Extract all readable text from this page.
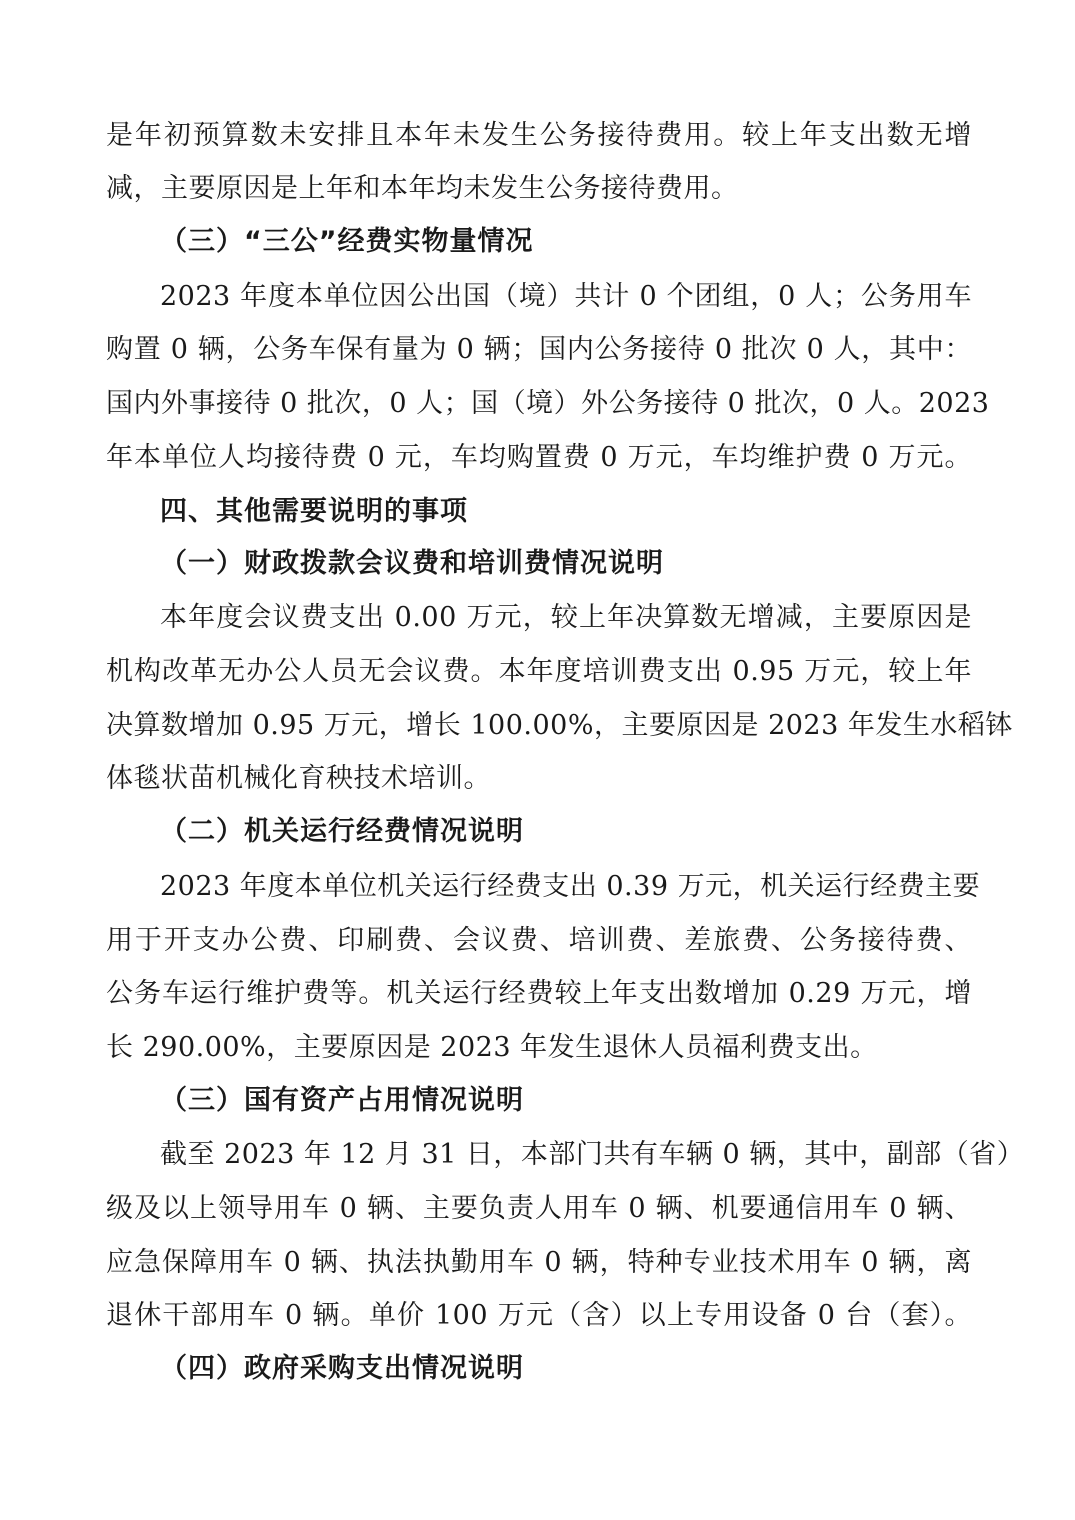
是年初预算数未安排且本年未发生公务接待费用。较上年支出数无增
减，主要原因是上年和本年均未发生公务接待费用。
（三）“三公”经费实物量情况
2023 年度本单位因公出国（境）共计 0 个团组，0 人；公务用车
购置 0 辆，公务车保有量为 0 辆；国内公务接待 0 批次 0 人，其中：
国内外事接待 0 批次，0 人；国（境）外公务接待 0 批次，0 人。2023
年本单位人均接待费 0 元，车均购置费 0 万元，车均维护费 0 万元。
四、其他需要说明的事项
（一）财政拨款会议费和培训费情况说明
本年度会议费支出 0.00 万元，较上年决算数无增减，主要原因是
机构改革无办公人员无会议费。本年度培训费支出 0.95 万元，较上年
决算数增加 0.95 万元，增长 100.00%，主要原因是 2023 年发生水稻钵
体毯状苗机械化育秧技术培训。
（二）机关运行经费情况说明
2023 年度本单位机关运行经费支出 0.39 万元，机关运行经费主要
用于开支办公费、印刷费、会议费、培训费、差旅费、公务接待费、
公务车运行维护费等。机关运行经费较上年支出数增加 0.29 万元，增
长 290.00%，主要原因是 2023 年发生退休人员福利费支出。
（三）国有资产占用情况说明
截至 2023 年 12 月 31 日，本部门共有车辆 0 辆，其中，副部（省）
级及以上领导用车 0 辆、主要负责人用车 0 辆、机要通信用车 0 辆、
应急保障用车 0 辆、执法执勤用车 0 辆，特种专业技术用车 0 辆，离
退休干部用车 0 辆。单价 100 万元（含）以上专用设备 0 台（套）。
（四）政府采购支出情况说明
